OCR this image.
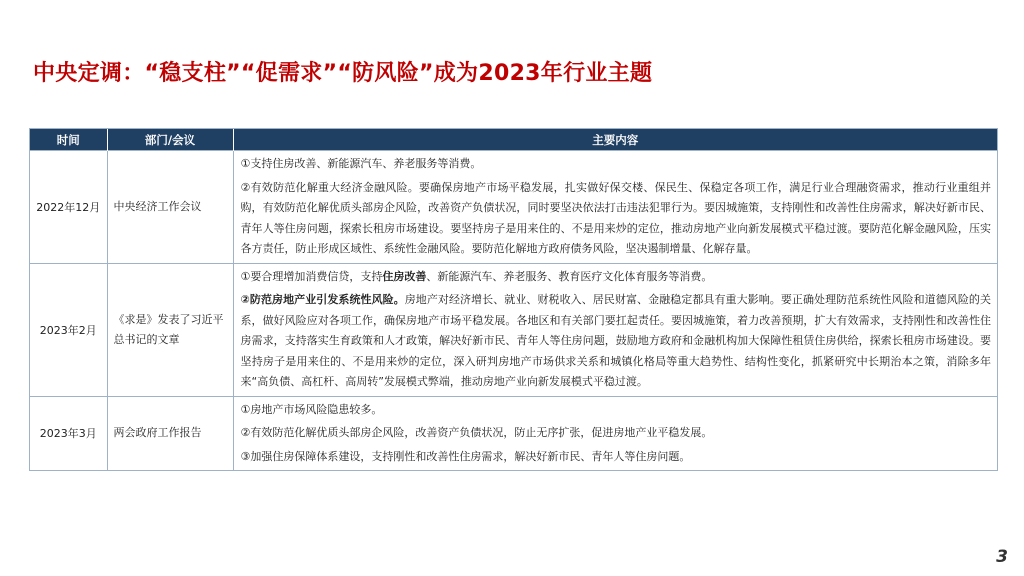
中央定调：“稳支柱”“促需求”“防风险”成为2023年行业主题
时间	部门/会议	主要内容
2022年12月	中央经济工作会议	①支持住房改善、新能源汽车、养老服务等消费。
②有效防范化解重大经济金融风险。要确保房地产市场平稳发展，扎实做好保交楼、保民生、保稳定各项工作，满足行业合理融资需求，推动行业重组并购，有效防范化解优质头部房企风险，改善资产负债状况，同时要坚决依法打击违法犯罪行为。要因城施策，支持刚性和改善性住房需求，解决好新市民、青年人等住房问题，探索长租房市场建设。要坚持房子是用来住的、不是用来炒的定位，推动房地产业向新发展模式平稳过渡。要防范化解金融风险，压实各方责任，防止形成区域性、系统性金融风险。要防范化解地方政府债务风险，坚决遏制增量、化解存量。

2023年2月	《求是》发表了习近平总书记的文章	①要合理增加消费信贷，支持住房改善、新能源汽车、养老服务、教育医疗文化体育服务等消费。
②防范房地产业引发系统性风险。房地产对经济增长、就业、财税收入、居民财富、金融稳定都具有重大影响。要正确处理防范系统性风险和道德风险的关系，做好风险应对各项工作，确保房地产市场平稳发展。各地区和有关部门要扛起责任。要因城施策，着力改善预期，扩大有效需求，支持刚性和改善性住房需求，支持落实生育政策和人才政策，解决好新市民、青年人等住房问题，鼓励地方政府和金融机构加大保障性租赁住房供给，探索长租房市场建设。要坚持房子是用来住的、不是用来炒的定位，深入研判房地产市场供求关系和城镇化格局等重大趋势性、结构性变化，抓紧研究中长期治本之策，消除多年来“高负债、高杠杆、高周转”发展模式弊端，推动房地产业向新发展模式平稳过渡。

2023年3月	两会政府工作报告	①房地产市场风险隐患较多。
②有效防范化解优质头部房企风险，改善资产负债状况，防止无序扩张，促进房地产业平稳发展。
③加强住房保障体系建设，支持刚性和改善性住房需求，解决好新市民、青年人等住房问题。
3
